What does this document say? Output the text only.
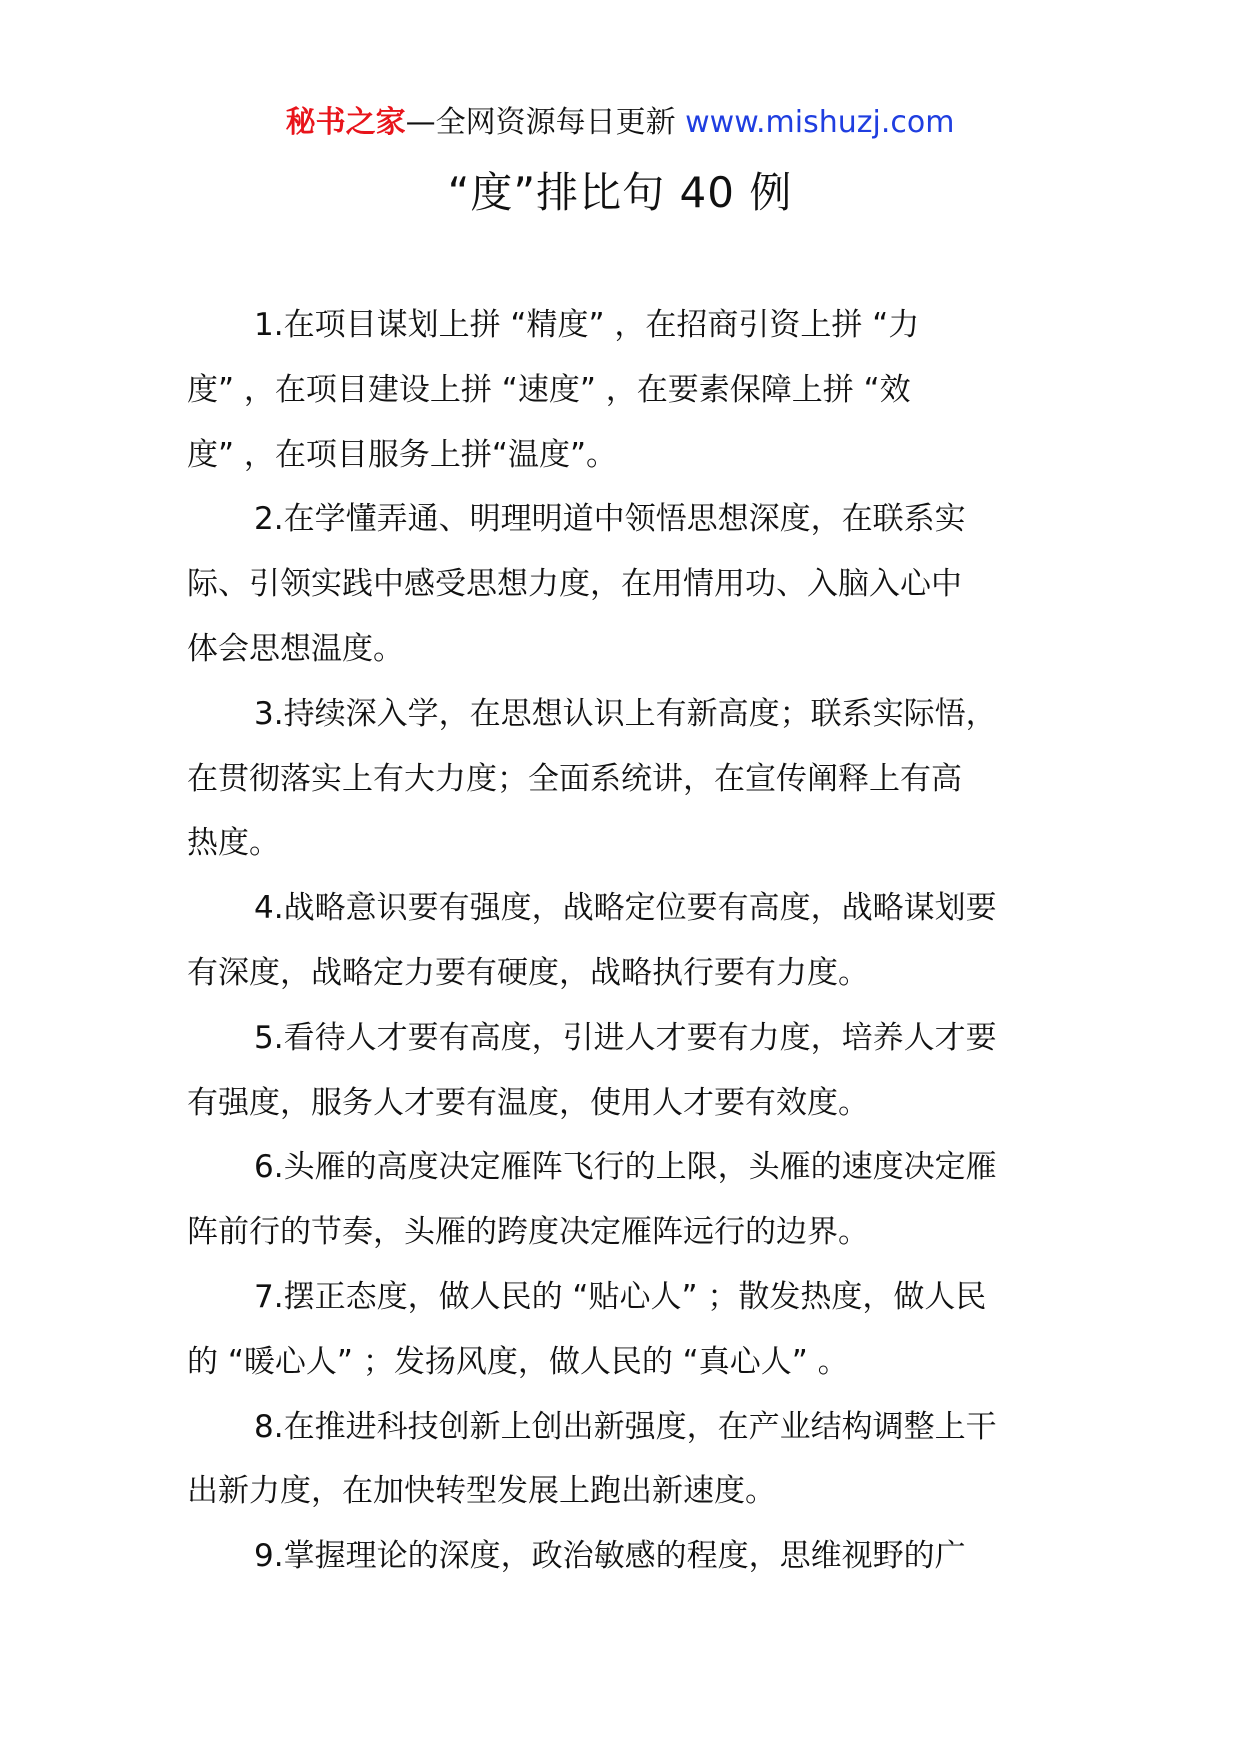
秘书之家—全网资源每日更新 www.mishuzj.com
“度”排比句 40 例

1.在项目谋划上拼 “精度” ，在招商引资上拼 “力
度” ，在项目建设上拼 “速度” ，在要素保障上拼 “效
度” ，在项目服务上拼“温度”。

2.在学懂弄通、明理明道中领悟思想深度，在联系实
际、引领实践中感受思想力度，在用情用功、入脑入心中
体会思想温度。

3.持续深入学，在思想认识上有新高度；联系实际悟，
在贯彻落实上有大力度；全面系统讲，在宣传阐释上有高
热度。

4.战略意识要有强度，战略定位要有高度，战略谋划要
有深度，战略定力要有硬度，战略执行要有力度。

5.看待人才要有高度，引进人才要有力度，培养人才要
有强度，服务人才要有温度，使用人才要有效度。

6.头雁的高度决定雁阵飞行的上限，头雁的速度决定雁
阵前行的节奏，头雁的跨度决定雁阵远行的边界。

7.摆正态度，做人民的 “贴心人” ；散发热度，做人民
的 “暖心人” ；发扬风度，做人民的 “真心人” 。

8.在推进科技创新上创出新强度，在产业结构调整上干
出新力度，在加快转型发展上跑出新速度。

9.掌握理论的深度，政治敏感的程度，思维视野的广
